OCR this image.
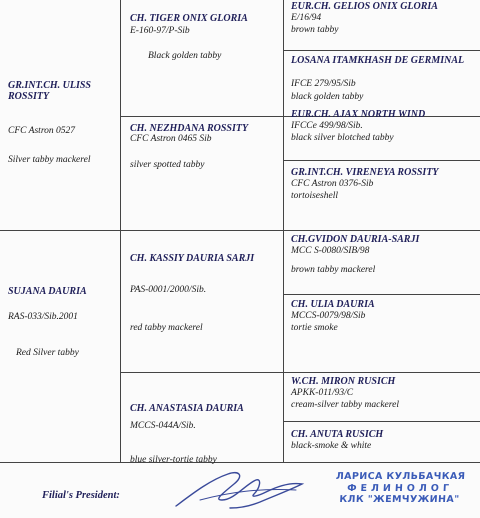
GR.INT.CH. ULISS ROSSITY
CFC Astron 0527
Silver tabby mackerel
SUJANA DAURIA
RAS-033/Sib.2001
Red Silver tabby
CH. TIGER ONIX GLORIA
E-160-97/P-Sib
Black golden tabby
CH. NEZHDANA ROSSITY
CFC Astron 0465 Sib
silver spotted tabby
CH. KASSIY DAURIA SARJI
PAS-0001/2000/Sib.
red tabby mackerel
CH. ANASTASIA DAURIA
MCCS-044A/Sib.
blue silver-tortie tabby
EUR.CH. GELIOS ONIX GLORIA
E/16/94
brown tabby
LOSANA ITAMKHASH DE GERMINAL
IFCE 279/95/Sib
black golden tabby
EUR.CH. AJAX NORTH WIND
IFCCe 499/98/Sib.
black silver blotched tabby
GR.INT.CH. VIRENEYA ROSSITY
CFC Astron 0376-Sib
tortoiseshell
CH.GVIDON DAURIA-SARJI
MCC S-0080/SIB/98
brown tabby mackerel
CH. ULIA DAURIA
MCCS-0079/98/Sib
tortie smoke
W.CH. MIRON RUSICH
APKK-011/93/C
cream-silver tabby mackerel
CH. ANUTA RUSICH
black-smoke & white
Filial's President:
ЛАРИСА КУЛЬБАЧКАЯ
ФЕЛИНОЛОГ
КЛК "ЖЕМЧУЖИНА"
